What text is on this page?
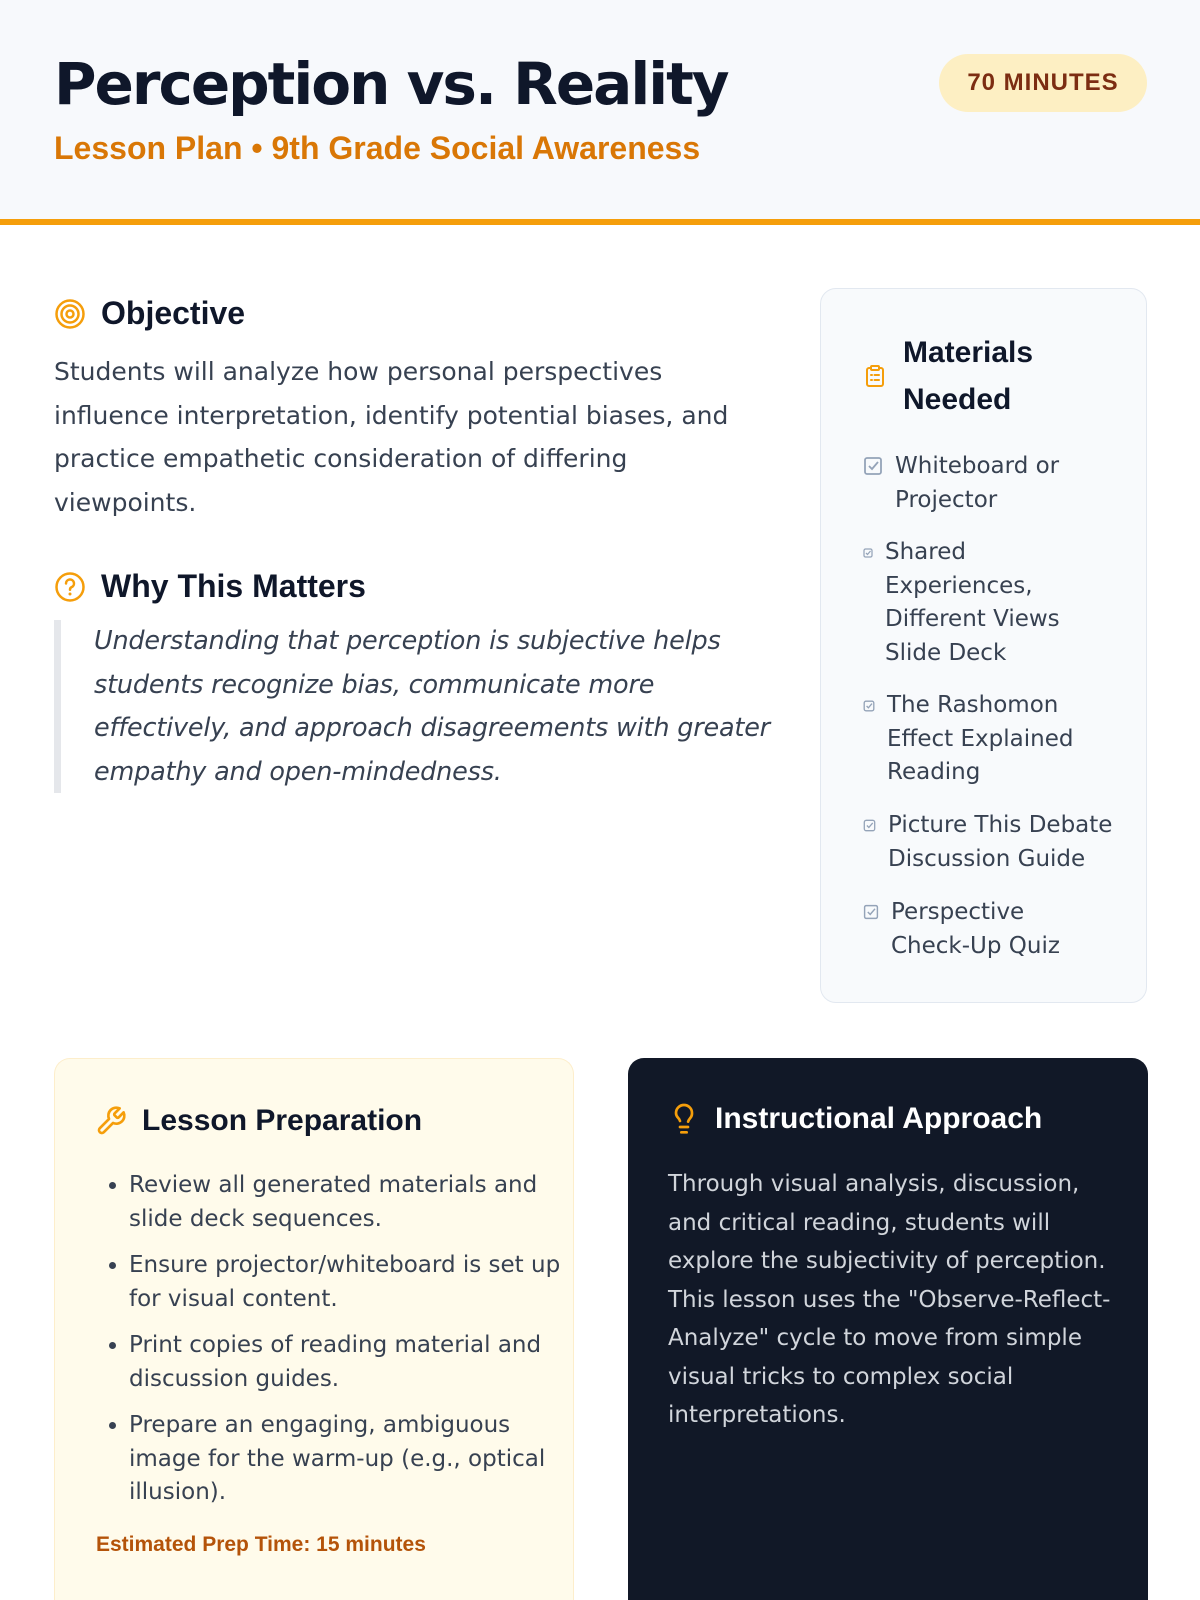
Perception vs. Reality
Lesson Plan • 9th Grade Social Awareness
70 MINUTES
Objective
Students will analyze how personal perspectives influence interpretation, identify potential biases, and practice empathetic consideration of differing viewpoints.
Why This Matters
Understanding that perception is subjective helps students recognize bias, communicate more effectively, and approach disagreements with greater empathy and open-mindedness.
Materials Needed
Whiteboard or Projector
Shared Experiences, Different Views Slide Deck
The Rashomon Effect Explained Reading
Picture This Debate Discussion Guide
Perspective Check-Up Quiz
Lesson Preparation
• Review all generated materials and slide deck sequences.
• Ensure projector/whiteboard is set up for visual content.
• Print copies of reading material and discussion guides.
• Prepare an engaging, ambiguous image for the warm-up (e.g., optical illusion).
Estimated Prep Time: 15 minutes
Instructional Approach
Through visual analysis, discussion, and critical reading, students will explore the subjectivity of perception. This lesson uses the "Observe-Reflect-Analyze" cycle to move from simple visual tricks to complex social interpretations.
